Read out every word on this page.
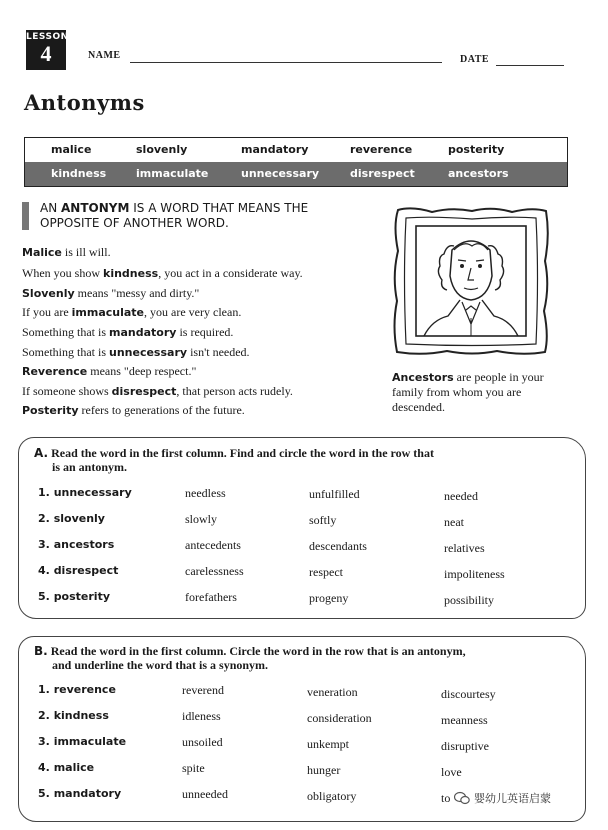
LESSON
4	NAME	DATE
Antonyms
malice	slovenly	mandatory	reverence	posterity
kindness	immaculate	unnecessary	disrespect	ancestors
AN ANTONYM IS A WORD THAT MEANS THE
OPPOSITE OF ANOTHER WORD.
Malice is ill will.
When you show kindness, you act in a considerate way.
Slovenly means "messy and dirty."
If you are immaculate, you are very clean.
Something that is mandatory is required.
Something that is unnecessary isn't needed.
Reverence means "deep respect."
If someone shows disrespect, that person acts rudely.
Posterity refers to generations of the future.
Ancestors are people in your family from whom you are descended.
A. Read the word in the first column. Find and circle the word in the row that
is an antonym.
1. unnecessary	needless	unfulfilled	needed
2. slovenly	slowly	softly	neat
3. ancestors	antecedents	descendants	relatives
4. disrespect	carelessness	respect	impoliteness
5. posterity	forefathers	progeny	possibility
B. Read the word in the first column. Circle the word in the row that is an antonym,
and underline the word that is a synonym.
1. reverence	reverend	veneration	discourtesy
2. kindness	idleness	consideration	meanness
3. immaculate	unsoiled	unkempt	disruptive
4. malice	spite	hunger	love
5. mandatory	unneeded	obligatory	to 婴幼儿英语启蒙
